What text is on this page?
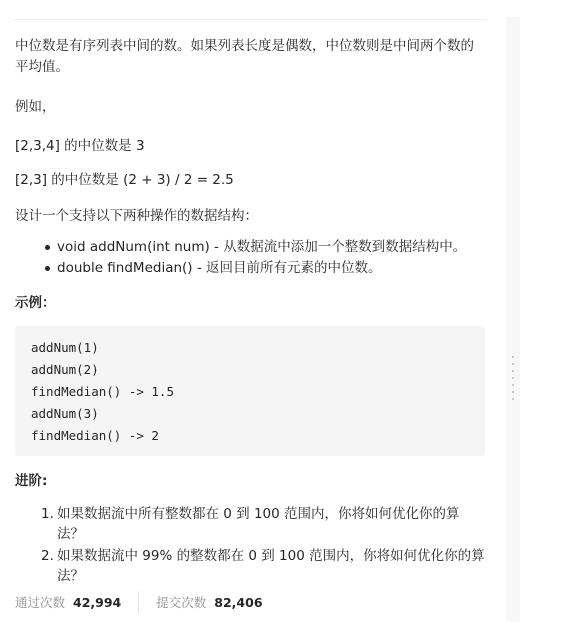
中位数是有序列表中间的数。如果列表长度是偶数，中位数则是中间两个数的平均值。

例如，

[2,3,4] 的中位数是 3

[2,3] 的中位数是 (2 + 3) / 2 = 2.5

设计一个支持以下两种操作的数据结构：

void addNum(int num) - 从数据流中添加一个整数到数据结构中。
double findMedian() - 返回目前所有元素的中位数。
示例：
addNum(1)
addNum(2)
findMedian() -> 1.5
addNum(3)
findMedian() -> 2
进阶:
1. 如果数据流中所有整数都在 0 到 100 范围内，你将如何优化你的算法？
2. 如果数据流中 99% 的整数都在 0 到 100 范围内，你将如何优化你的算法？
通过次数 42,994	提交次数 82,406
